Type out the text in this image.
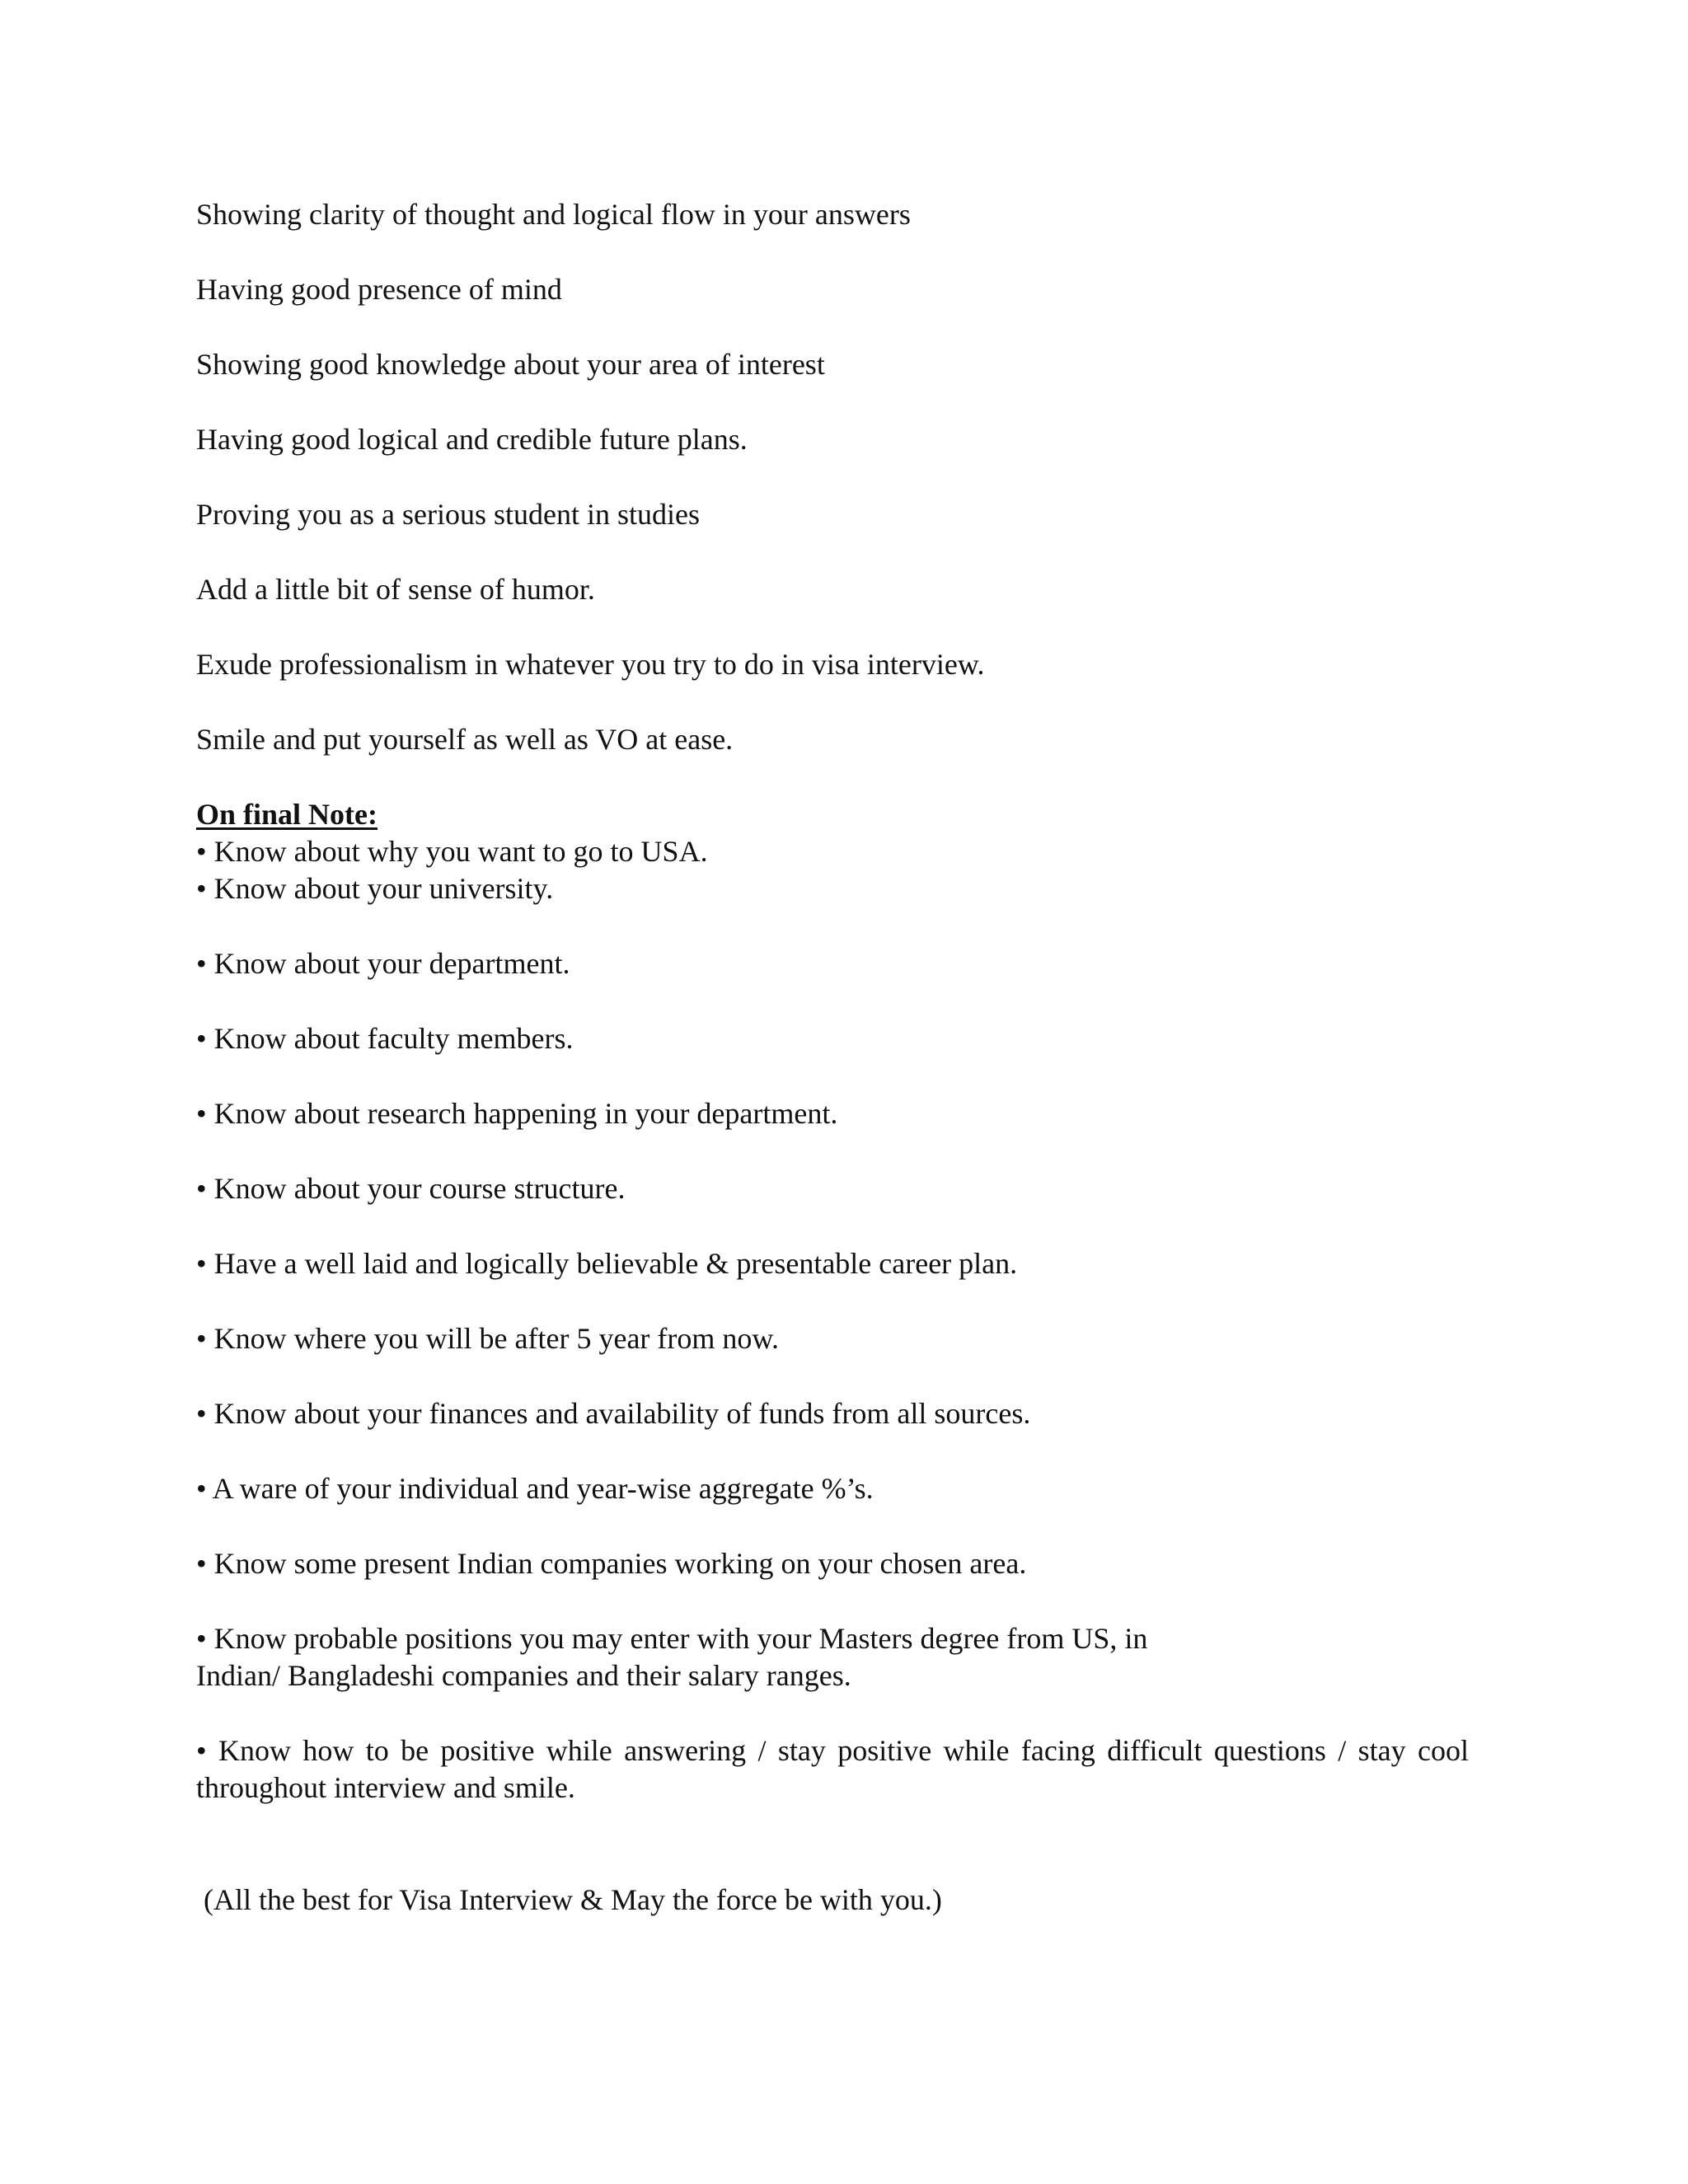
Showing clarity of thought and logical flow in your answers
Having good presence of mind
Showing good knowledge about your area of interest
Having good logical and credible future plans.
Proving you as a serious student in studies
Add a little bit of sense of humor.
Exude professionalism in whatever you try to do in visa interview.
Smile and put yourself as well as VO at ease.
On final Note:
• Know about why you want to go to USA.
• Know about your university.
• Know about your department.
• Know about faculty members.
• Know about research happening in your department.
• Know about your course structure.
• Have a well laid and logically believable & presentable career plan.
• Know where you will be after 5 year from now.
• Know about your finances and availability of funds from all sources.
• A ware of your individual and year-wise aggregate %’s.
• Know some present Indian companies working on your chosen area.
• Know probable positions you may enter with your Masters degree from US, in
Indian/ Bangladeshi companies and their salary ranges.
• Know how to be positive while answering / stay positive while facing difficult questions / stay cool throughout interview and smile.
(All the best for Visa Interview & May the force be with you.)
